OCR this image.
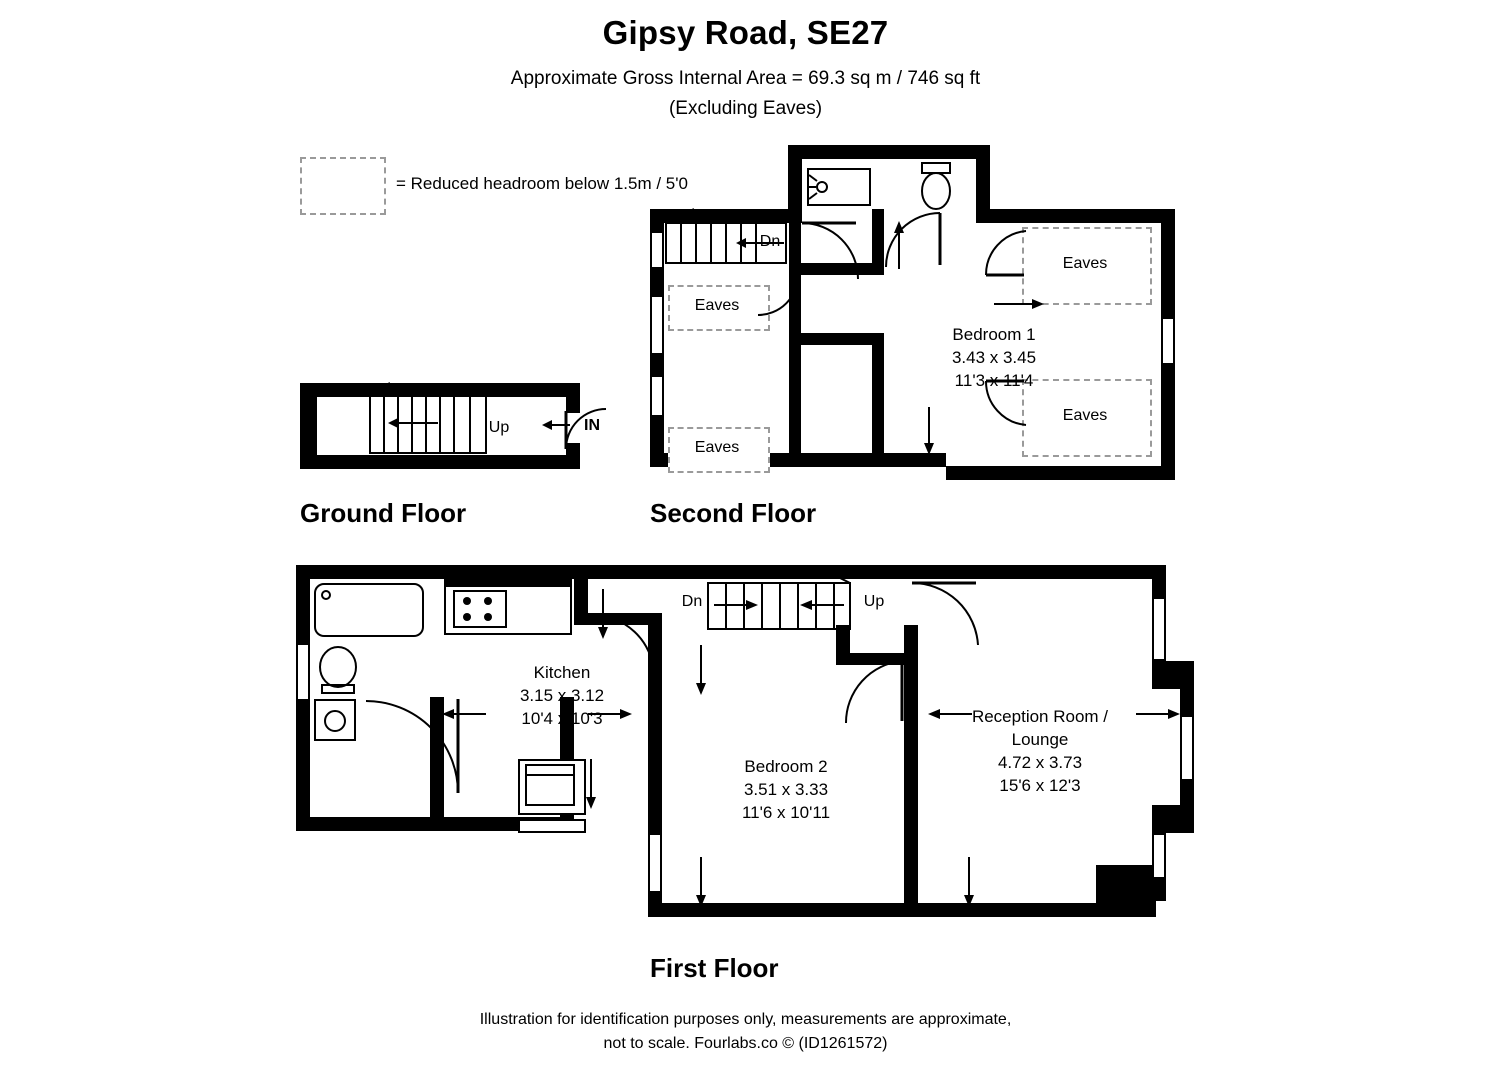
Gipsy Road, SE27
Approximate Gross Internal Area = 69.3 sq m / 746 sq ft
(Excluding Eaves)
= Reduced headroom below 1.5m / 5'0
Up	IN
Ground Floor
Dn
Eaves
Eaves
Eaves
Eaves
Bedroom 1
3.43 x 3.45
11'3 x 11'4
Second Floor
Dn	Up
Kitchen
3.15 x 3.12
10'4 x 10'3
Bedroom 2
3.51 x 3.33
11'6 x 10'11
Reception Room /
Lounge
4.72 x 3.73
15'6 x 12'3
First Floor
Illustration for identification purposes only, measurements are approximate,
not to scale. Fourlabs.co © (ID1261572)
